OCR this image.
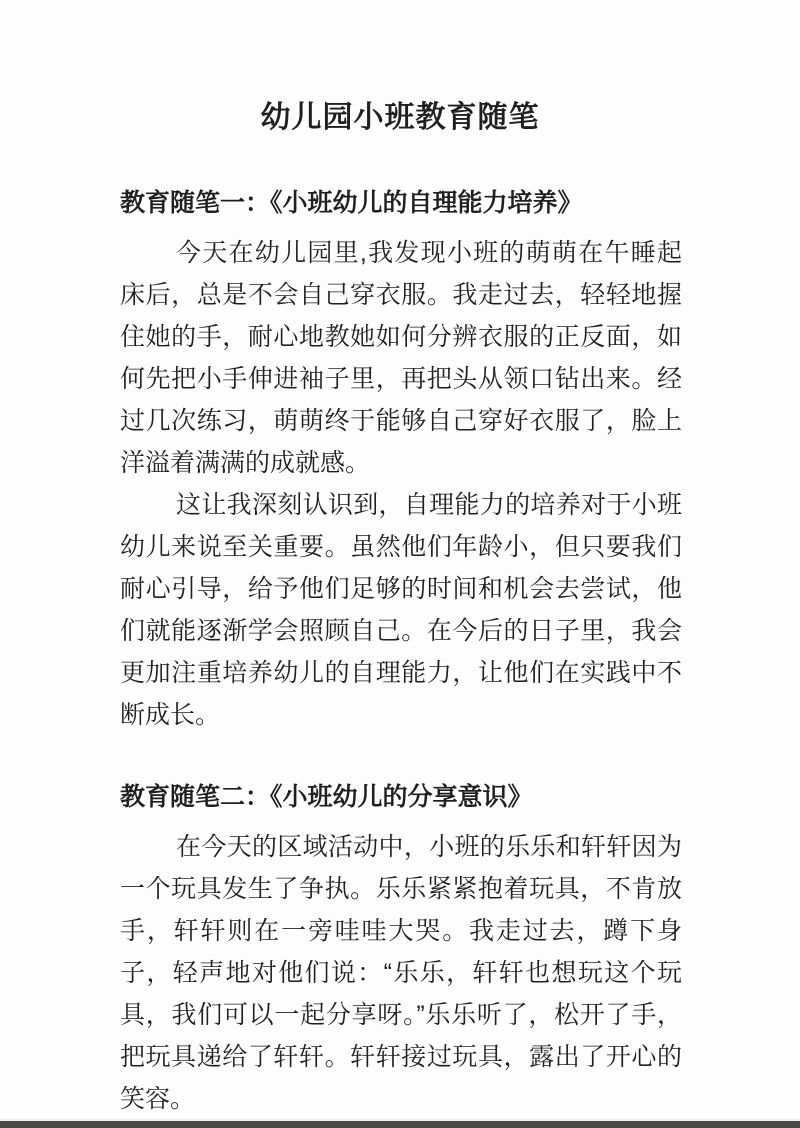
幼儿园小班教育随笔
教育随笔一：《小班幼儿的自理能力培养》

今天在幼儿园里,我发现小班的萌萌在午睡起床后，总是不会自己穿衣服。我走过去，轻轻地握住她的手，耐心地教她如何分辨衣服的正反面，如何先把小手伸进袖子里，再把头从领口钻出来。经过几次练习，萌萌终于能够自己穿好衣服了，脸上洋溢着满满的成就感。

这让我深刻认识到，自理能力的培养对于小班幼儿来说至关重要。虽然他们年龄小，但只要我们耐心引导，给予他们足够的时间和机会去尝试，他们就能逐渐学会照顾自己。在今后的日子里，我会更加注重培养幼儿的自理能力，让他们在实践中不断成长。

教育随笔二：《小班幼儿的分享意识》

在今天的区域活动中，小班的乐乐和轩轩因为一个玩具发生了争执。乐乐紧紧抱着玩具，不肯放手，轩轩则在一旁哇哇大哭。我走过去，蹲下身子，轻声地对他们说：“乐乐，轩轩也想玩这个玩具，我们可以一起分享呀。”乐乐听了，松开了手，把玩具递给了轩轩。轩轩接过玩具，露出了开心的笑容。
